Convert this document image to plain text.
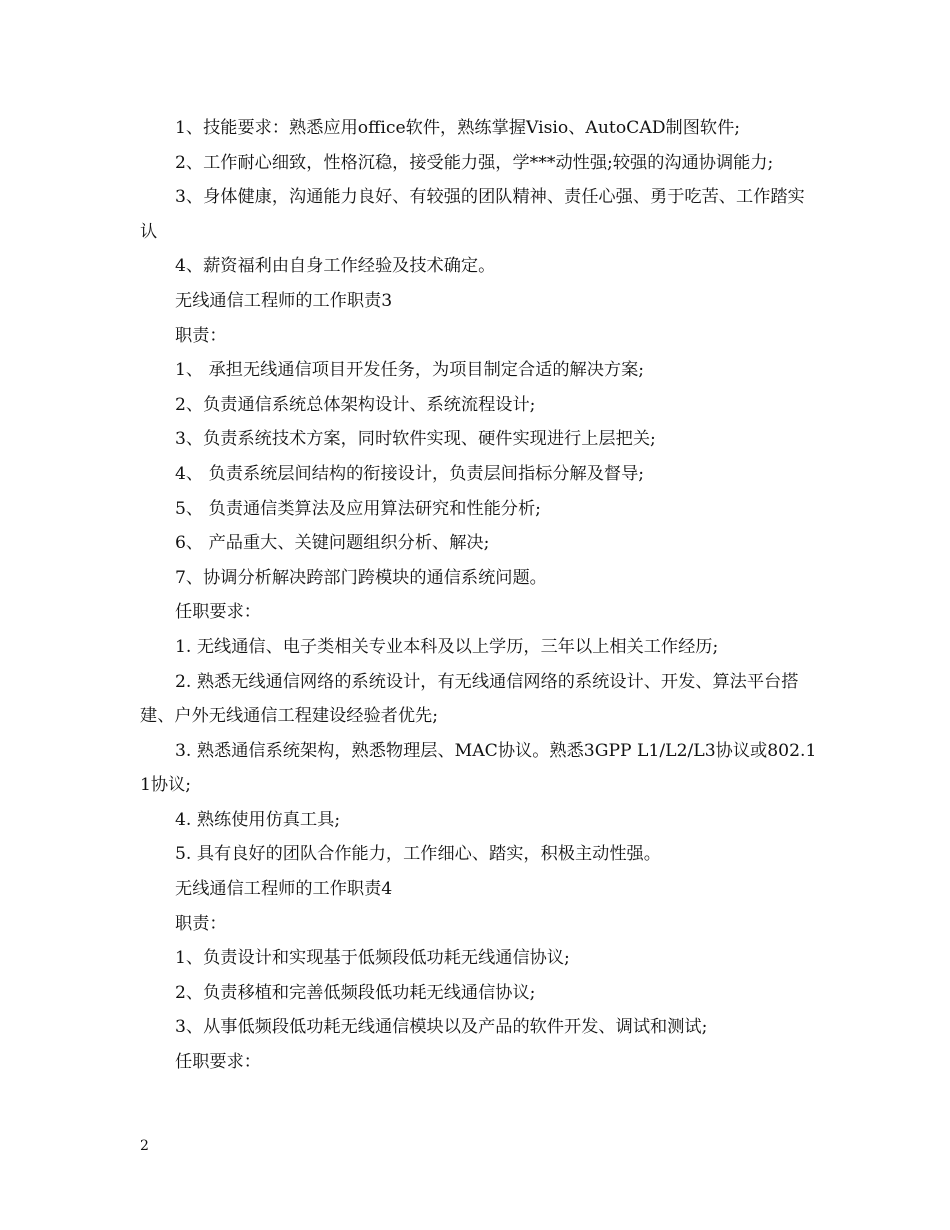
1、技能要求：熟悉应用office软件，熟练掌握Visio、AutoCAD制图软件;

2、工作耐心细致，性格沉稳，接受能力强，学***动性强;较强的沟通协调能力;

3、身体健康，沟通能力良好、有较强的团队精神、责任心强、勇于吃苦、工作踏实认

4、薪资福利由自身工作经验及技术确定。

无线通信工程师的工作职责3

职责：

1、 承担无线通信项目开发任务，为项目制定合适的解决方案;

2、负责通信系统总体架构设计、系统流程设计;

3、负责系统技术方案，同时软件实现、硬件实现进行上层把关;

4、 负责系统层间结构的衔接设计，负责层间指标分解及督导;

5、 负责通信类算法及应用算法研究和性能分析;

6、 产品重大、关键问题组织分析、解决;

7、协调分析解决跨部门跨模块的通信系统问题。

任职要求：

1. 无线通信、电子类相关专业本科及以上学历，三年以上相关工作经历;

2. 熟悉无线通信网络的系统设计，有无线通信网络的系统设计、开发、算法平台搭建、户外无线通信工程建设经验者优先;

3. 熟悉通信系统架构，熟悉物理层、MAC协议。熟悉3GPP L1/L2/L3协议或802.11协议;

4. 熟练使用仿真工具;

5. 具有良好的团队合作能力，工作细心、踏实，积极主动性强。

无线通信工程师的工作职责4

职责：

1、负责设计和实现基于低频段低功耗无线通信协议;

2、负责移植和完善低频段低功耗无线通信协议;

3、从事低频段低功耗无线通信模块以及产品的软件开发、调试和测试;

任职要求：

2
